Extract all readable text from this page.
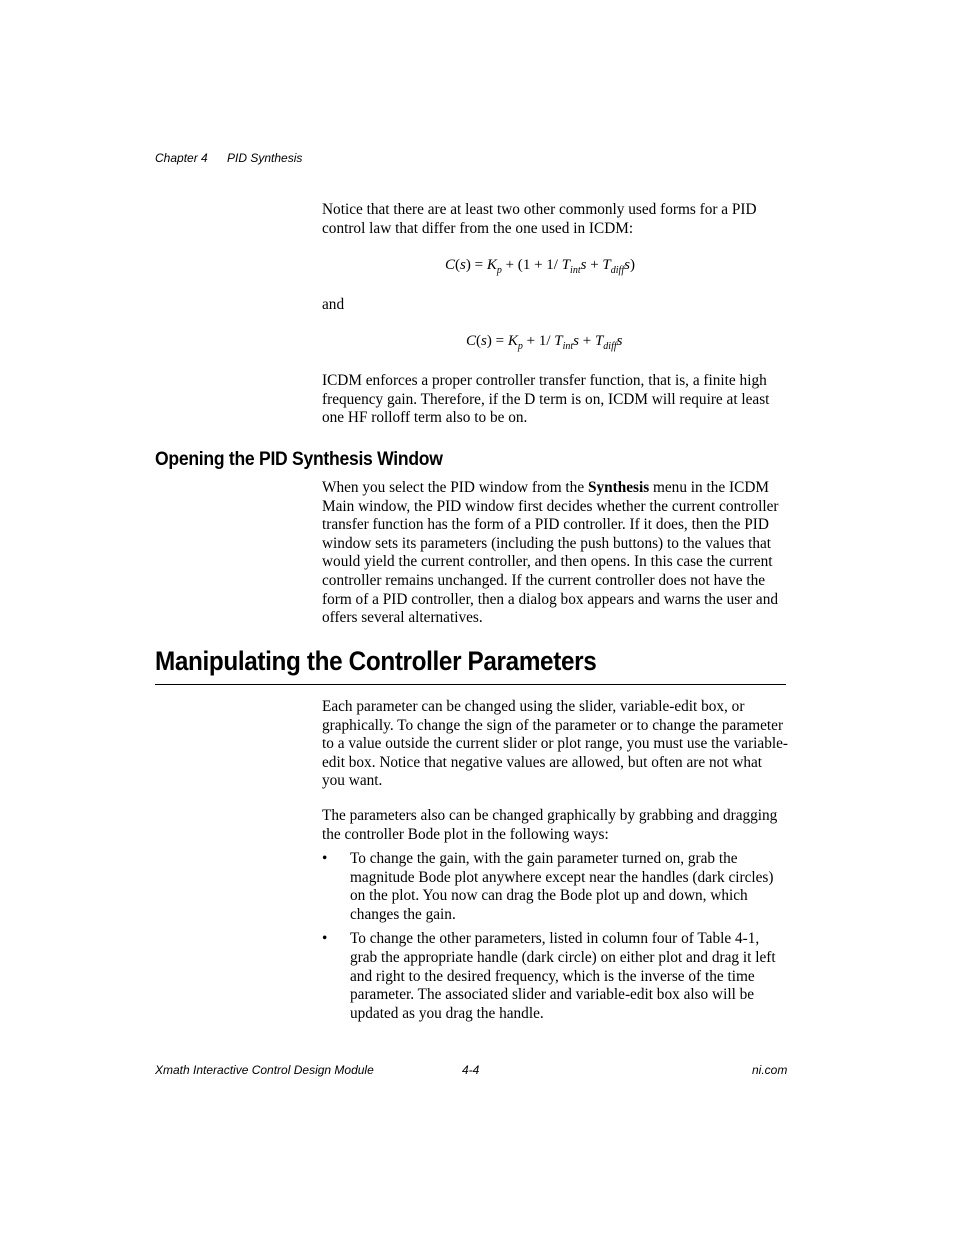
Chapter 4 PID Synthesis

Notice that there are at least two other commonly used forms for a PID control law that differ from the one used in ICDM:

$C(s) = K_p + (1 + 1/$ $T_{int}s + T_{diff}s$)

and

$C(s) = K_p + 1/$ $T_{int}s + T_{diff}s$

ICDM enforces a proper controller transfer function, that is, a finite high frequency gain. Therefore, if the D term is on, ICDM will require at least one HF rolloff term also to be on.

Opening the PID Synthesis Window

When you select the PID window from the Synthesis menu in the ICDM Main window, the PID window first decides whether the current controller transfer function has the form of a PID controller. If it does, then the PID window sets its parameters (including the push buttons) to the values that would yield the current controller, and then opens. In this case the current controller remains unchanged. If the current controller does not have the form of a PID controller, then a dialog box appears and warns the user and offers several alternatives.

Manipulating the Controller Parameters

Each parameter can be changed using the slider, variable-edit box, or graphically. To change the sign of the parameter or to change the parameter to a value outside the current slider or plot range, you must use the variable-edit box. Notice that negative values are allowed, but often are not what you want.

The parameters also can be changed graphically by grabbing and dragging the controller Bode plot in the following ways:

• To change the gain, with the gain parameter turned on, grab the magnitude Bode plot anywhere except near the handles (dark circles) on the plot. You now can drag the Bode plot up and down, which changes the gain.
• To change the other parameters, listed in column four of Table 4-1, grab the appropriate handle (dark circle) on either plot and drag it left and right to the desired frequency, which is the inverse of the time parameter. The associated slider and variable-edit box also will be updated as you drag the handle.
Xmath Interactive Control Design Module	4-4	ni.com
